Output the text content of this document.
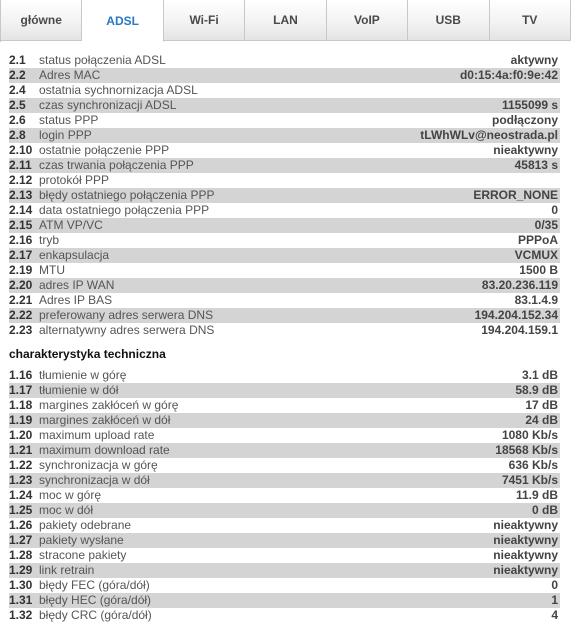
główne	ADSL	Wi-Fi	LAN	VoIP	USB	TV
2.1	status połączenia ADSL	aktywny
2.2	Adres MAC	d0:15:4a:f0:9e:42
2.4	ostatnia sychnornizacja ADSL
2.5	czas synchronizacji ADSL	1155099 s
2.6	status PPP	podłączony
2.8	login PPP	tLWhWLv@neostrada.pl
2.10 ostatnie połączenie PPP	nieaktywny
2.11 czas trwania połączenia PPP	45813 s
2.12 protokół PPP
2.13 błędy ostatniego połączenia PPP	ERROR_NONE
2.14 data ostatniego połączenia PPP	0
2.15 ATM VP/VC	0/35
2.16 tryb	PPPoA
2.17 enkapsulacja	VCMUX
2.19 MTU	1500 B
2.20 adres IP WAN	83.20.236.119
2.21 Adres IP BAS	83.1.4.9
2.22 preferowany adres serwera DNS	194.204.152.34
2.23 alternatywny adres serwera DNS	194.204.159.1
charakterystyka techniczna
1.16 tłumienie w górę	3.1 dB
1.17 tłumienie w dół	58.9 dB
1.18 margines zakłóceń w górę	17 dB
1.19 margines zakłóceń w dół	24 dB
1.20 maximum upload rate	1080 Kb/s
1.21 maximum download rate	18568 Kb/s
1.22 synchronizacja w górę	636 Kb/s
1.23 synchronizacja w dół	7451 Kb/s
1.24 moc w górę	11.9 dB
1.25 moc w dół	0 dB
1.26 pakiety odebrane	nieaktywny
1.27 pakiety wysłane	nieaktywny
1.28 stracone pakiety	nieaktywny
1.29 link retrain	nieaktywny
1.30 błędy FEC (góra/dół)	0
1.31 błędy HEC (góra/dół)	1
1.32 błędy CRC (góra/dół)	4
